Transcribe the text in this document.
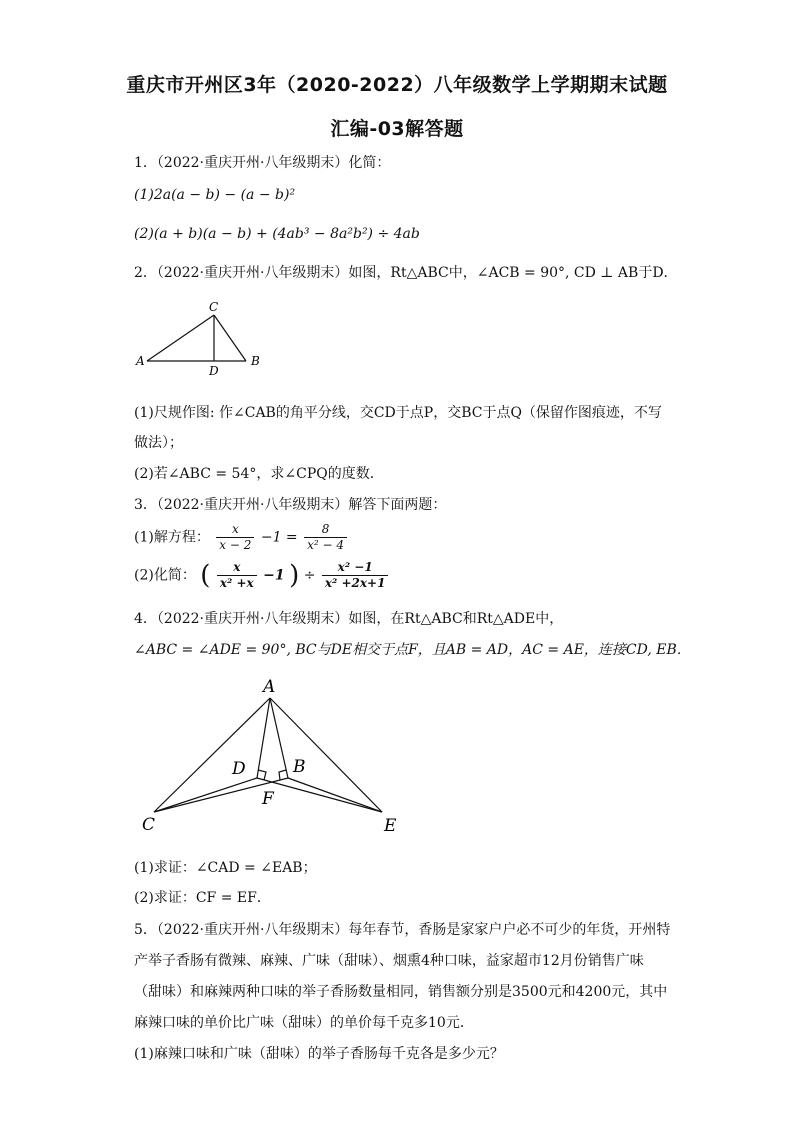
重庆市开州区3年（2020-2022）八年级数学上学期期末试题
汇编-03解答题
1．（2022·重庆开州·八年级期末）化简：
(1)2a(a − b) − (a − b)²
(2)(a + b)(a − b) + (4ab³ − 8a²b²) ÷ 4ab
2．（2022·重庆开州·八年级期末）如图，Rt△ABC中，∠ACB = 90°, CD ⊥ AB于D．
C
A	B
D
(1)尺规作图: 作∠CAB的角平分线，交CD于点P，交BC于点Q（保留作图痕迹，不写
做法）；
(2)若∠ABC = 54°，求∠CPQ的度数．
3．（2022·重庆开州·八年级期末）解答下面两题：
(1)解方程： $\frac{x}{x - 2} -1 = \frac{8}{\text{x² − 4}}$
(2)化简： ( $\frac{x}{\text{x² +x}} -1$ ) ÷ $\frac{\text{x² −1}}{\text{x² +2x+1}}$
4．（2022·重庆开州·八年级期末）如图，在Rt△ABC和Rt△ADE中，
∠ABC = ∠ADE = 90°, BC与DE相交于点F，且AB = AD，AC = AE，连接CD, EB．
A
D	B
F
C	E
(1)求证：∠CAD = ∠EAB；
(2)求证：CF = EF．
5．（2022·重庆开州·八年级期末）每年春节，香肠是家家户户必不可少的年货，开州特
产举子香肠有微辣、麻辣、广味（甜味）、烟熏4种口味，益家超市12月份销售广味
（甜味）和麻辣两种口味的举子香肠数量相同，销售额分别是3500元和4200元，其中
麻辣口味的单价比广味（甜味）的单价每千克多10元．
(1)麻辣口味和广味（甜味）的举子香肠每千克各是多少元？
